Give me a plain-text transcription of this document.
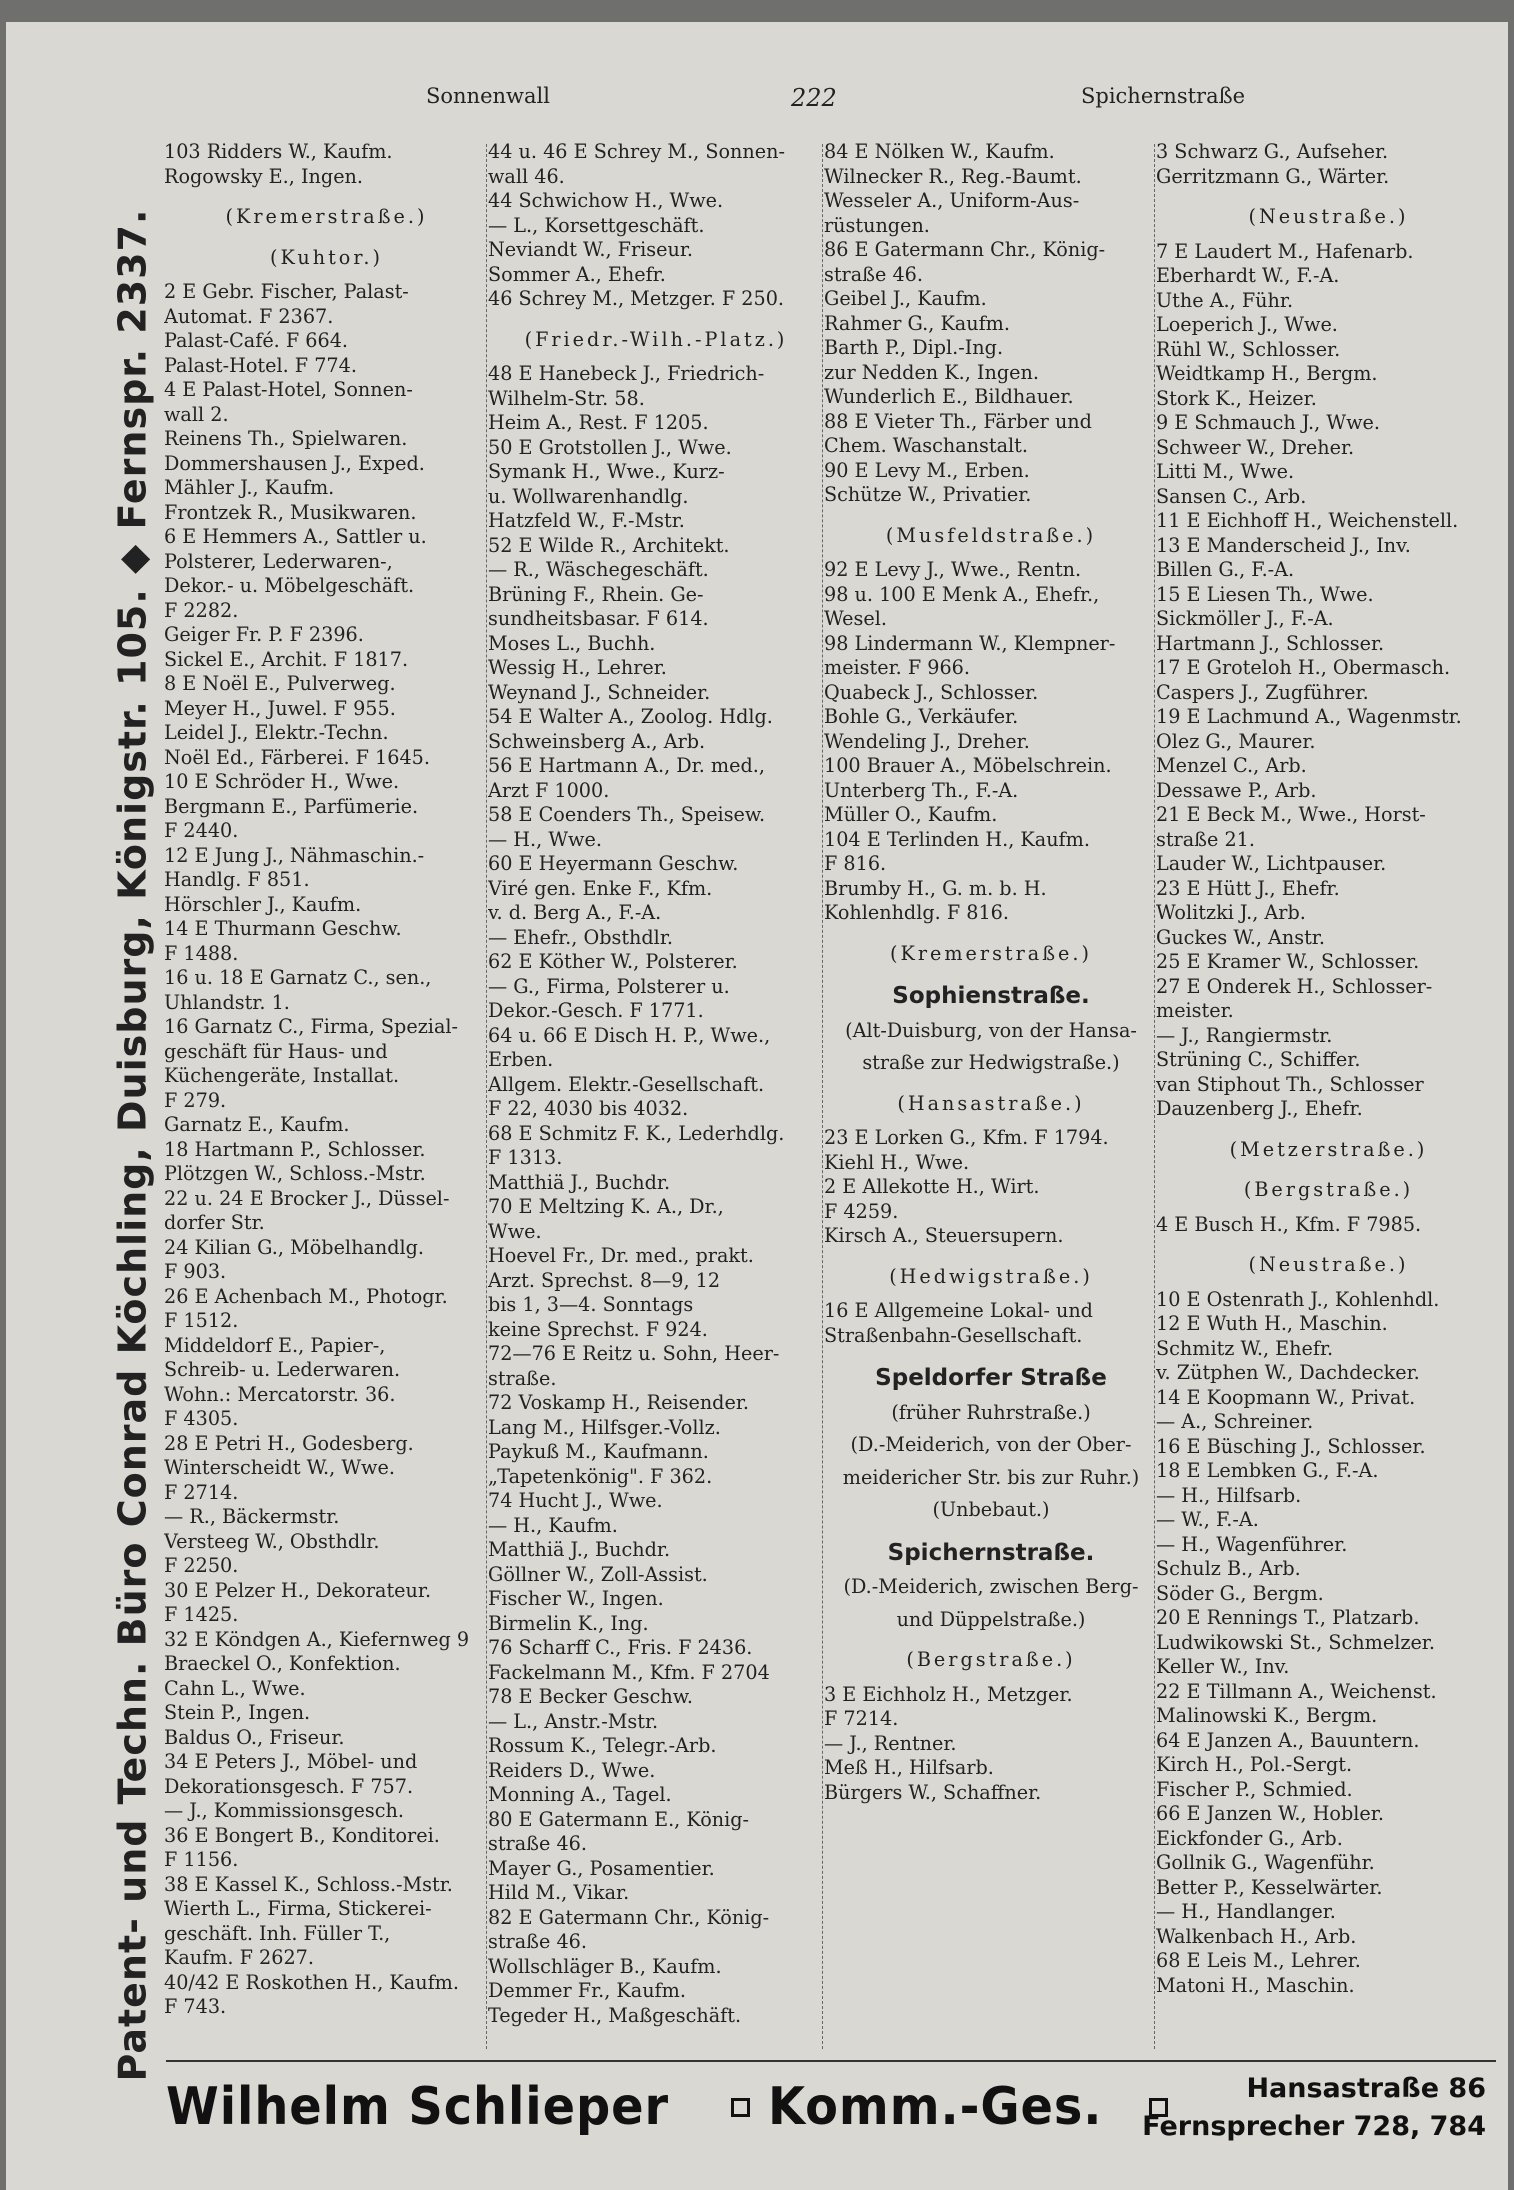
Patent- und Techn. Büro Conrad Köchling, Duisburg, Königstr. 105. ◆ Fernspr. 2337.
Sonnenwall	222	Spichernstraße
103 Ridders W., Kaufm.
Rogowsky E., Ingen.
(Kremerstraße.)
(Kuhtor.)
2 E Gebr. Fischer, Palast-
Automat. F 2367.
Palast-Café. F 664.
Palast-Hotel. F 774.
4 E Palast-Hotel, Sonnen-
wall 2.
Reinens Th., Spielwaren.
Dommershausen J., Exped.
Mähler J., Kaufm.
Frontzek R., Musikwaren.
6 E Hemmers A., Sattler u.
Polsterer, Lederwaren-,
Dekor.- u. Möbelgeschäft.
F 2282.
Geiger Fr. P. F 2396.
Sickel E., Archit. F 1817.
8 E Noël E., Pulverweg.
Meyer H., Juwel. F 955.
Leidel J., Elektr.-Techn.
Noël Ed., Färberei. F 1645.
10 E Schröder H., Wwe.
Bergmann E., Parfümerie.
F 2440.
12 E Jung J., Nähmaschin.-
Handlg. F 851.
Hörschler J., Kaufm.
14 E Thurmann Geschw.
F 1488.
16 u. 18 E Garnatz C., sen.,
Uhlandstr. 1.
16 Garnatz C., Firma, Spezial-
geschäft für Haus- und
Küchengeräte, Installat.
F 279.
Garnatz E., Kaufm.
18 Hartmann P., Schlosser.
Plötzgen W., Schloss.-Mstr.
22 u. 24 E Brocker J., Düssel-
dorfer Str.
24 Kilian G., Möbelhandlg.
F 903.
26 E Achenbach M., Photogr.
F 1512.
Middeldorf E., Papier-,
Schreib- u. Lederwaren.
Wohn.: Mercatorstr. 36.
F 4305.
28 E Petri H., Godesberg.
Winterscheidt W., Wwe.
F 2714.
— R., Bäckermstr.
Versteeg W., Obsthdlr.
F 2250.
30 E Pelzer H., Dekorateur.
F 1425.
32 E Köndgen A., Kiefernweg 9
Braeckel O., Konfektion.
Cahn L., Wwe.
Stein P., Ingen.
Baldus O., Friseur.
34 E Peters J., Möbel- und
Dekorationsgesch. F 757.
— J., Kommissionsgesch.
36 E Bongert B., Konditorei.
F 1156.
38 E Kassel K., Schloss.-Mstr.
Wierth L., Firma, Stickerei-
geschäft. Inh. Füller T.,
Kaufm. F 2627.
40/42 E Roskothen H., Kaufm.
F 743.
44 u. 46 E Schrey M., Sonnen-
wall 46.
44 Schwichow H., Wwe.
— L., Korsettgeschäft.
Neviandt W., Friseur.
Sommer A., Ehefr.
46 Schrey M., Metzger. F 250.
(Friedr.-Wilh.-Platz.)
48 E Hanebeck J., Friedrich-
Wilhelm-Str. 58.
Heim A., Rest. F 1205.
50 E Grotstollen J., Wwe.
Symank H., Wwe., Kurz-
u. Wollwarenhandlg.
Hatzfeld W., F.-Mstr.
52 E Wilde R., Architekt.
— R., Wäschegeschäft.
Brüning F., Rhein. Ge-
sundheitsbasar. F 614.
Moses L., Buchh.
Wessig H., Lehrer.
Weynand J., Schneider.
54 E Walter A., Zoolog. Hdlg.
Schweinsberg A., Arb.
56 E Hartmann A., Dr. med.,
Arzt F 1000.
58 E Coenders Th., Speisew.
— H., Wwe.
60 E Heyermann Geschw.
Viré gen. Enke F., Kfm.
v. d. Berg A., F.-A.
— Ehefr., Obsthdlr.
62 E Köther W., Polsterer.
— G., Firma, Polsterer u.
Dekor.-Gesch. F 1771.
64 u. 66 E Disch H. P., Wwe.,
Erben.
Allgem. Elektr.-Gesellschaft.
F 22, 4030 bis 4032.
68 E Schmitz F. K., Lederhdlg.
F 1313.
Matthiä J., Buchdr.
70 E Meltzing K. A., Dr.,
Wwe.
Hoevel Fr., Dr. med., prakt.
Arzt. Sprechst. 8—9, 12
bis 1, 3—4. Sonntags
keine Sprechst. F 924.
72—76 E Reitz u. Sohn, Heer-
straße.
72 Voskamp H., Reisender.
Lang M., Hilfsger.-Vollz.
Paykuß M., Kaufmann.
„Tapetenkönig". F 362.
74 Hucht J., Wwe.
— H., Kaufm.
Matthiä J., Buchdr.
Göllner W., Zoll-Assist.
Fischer W., Ingen.
Birmelin K., Ing.
76 Scharff C., Fris. F 2436.
Fackelmann M., Kfm. F 2704
78 E Becker Geschw.
— L., Anstr.-Mstr.
Rossum K., Telegr.-Arb.
Reiders D., Wwe.
Monning A., Tagel.
80 E Gatermann E., König-
straße 46.
Mayer G., Posamentier.
Hild M., Vikar.
82 E Gatermann Chr., König-
straße 46.
Wollschläger B., Kaufm.
Demmer Fr., Kaufm.
Tegeder H., Maßgeschäft.
84 E Nölken W., Kaufm.
Wilnecker R., Reg.-Baumt.
Wesseler A., Uniform-Aus-
rüstungen.
86 E Gatermann Chr., König-
straße 46.
Geibel J., Kaufm.
Rahmer G., Kaufm.
Barth P., Dipl.-Ing.
zur Nedden K., Ingen.
Wunderlich E., Bildhauer.
88 E Vieter Th., Färber und
Chem. Waschanstalt.
90 E Levy M., Erben.
Schütze W., Privatier.
(Musfeldstraße.)
92 E Levy J., Wwe., Rentn.
98 u. 100 E Menk A., Ehefr.,
Wesel.
98 Lindermann W., Klempner-
meister. F 966.
Quabeck J., Schlosser.
Bohle G., Verkäufer.
Wendeling J., Dreher.
100 Brauer A., Möbelschrein.
Unterberg Th., F.-A.
Müller O., Kaufm.
104 E Terlinden H., Kaufm.
F 816.
Brumby H., G. m. b. H.
Kohlenhdlg. F 816.
(Kremerstraße.)
Sophienstraße.
(Alt-Duisburg, von der Hansa-
straße zur Hedwigstraße.)
(Hansastraße.)
23 E Lorken G., Kfm. F 1794.
Kiehl H., Wwe.
2 E Allekotte H., Wirt.
F 4259.
Kirsch A., Steuersupern.
(Hedwigstraße.)
16 E Allgemeine Lokal- und
Straßenbahn-Gesellschaft.
Speldorfer Straße
(früher Ruhrstraße.)
(D.-Meiderich, von der Ober-
meidericher Str. bis zur Ruhr.)
(Unbebaut.)
Spichernstraße.
(D.-Meiderich, zwischen Berg-
und Düppelstraße.)
(Bergstraße.)
3 E Eichholz H., Metzger.
F 7214.
— J., Rentner.
Meß H., Hilfsarb.
Bürgers W., Schaffner.
3 Schwarz G., Aufseher.
Gerritzmann G., Wärter.
(Neustraße.)
7 E Laudert M., Hafenarb.
Eberhardt W., F.-A.
Uthe A., Führ.
Loeperich J., Wwe.
Rühl W., Schlosser.
Weidtkamp H., Bergm.
Stork K., Heizer.
9 E Schmauch J., Wwe.
Schweer W., Dreher.
Litti M., Wwe.
Sansen C., Arb.
11 E Eichhoff H., Weichenstell.
13 E Manderscheid J., Inv.
Billen G., F.-A.
15 E Liesen Th., Wwe.
Sickmöller J., F.-A.
Hartmann J., Schlosser.
17 E Groteloh H., Obermasch.
Caspers J., Zugführer.
19 E Lachmund A., Wagenmstr.
Olez G., Maurer.
Menzel C., Arb.
Dessawe P., Arb.
21 E Beck M., Wwe., Horst-
straße 21.
Lauder W., Lichtpauser.
23 E Hütt J., Ehefr.
Wolitzki J., Arb.
Guckes W., Anstr.
25 E Kramer W., Schlosser.
27 E Onderek H., Schlosser-
meister.
— J., Rangiermstr.
Strüning C., Schiffer.
van Stiphout Th., Schlosser
Dauzenberg J., Ehefr.
(Metzerstraße.)
(Bergstraße.)
4 E Busch H., Kfm. F 7985.
(Neustraße.)
10 E Ostenrath J., Kohlenhdl.
12 E Wuth H., Maschin.
Schmitz W., Ehefr.
v. Zütphen W., Dachdecker.
14 E Koopmann W., Privat.
— A., Schreiner.
16 E Büsching J., Schlosser.
18 E Lembken G., F.-A.
— H., Hilfsarb.
— W., F.-A.
— H., Wagenführer.
Schulz B., Arb.
Söder G., Bergm.
20 E Rennings T., Platzarb.
Ludwikowski St., Schmelzer.
Keller W., Inv.
22 E Tillmann A., Weichenst.
Malinowski K., Bergm.
64 E Janzen A., Bauuntern.
Kirch H., Pol.-Sergt.
Fischer P., Schmied.
66 E Janzen W., Hobler.
Eickfonder G., Arb.
Gollnik G., Wagenführ.
Better P., Kesselwärter.
— H., Handlanger.
Walkenbach H., Arb.
68 E Leis M., Lehrer.
Matoni H., Maschin.
Wilhelm Schlieper Komm.-Ges.	Hansastraße 86
Fernsprecher 728, 784
